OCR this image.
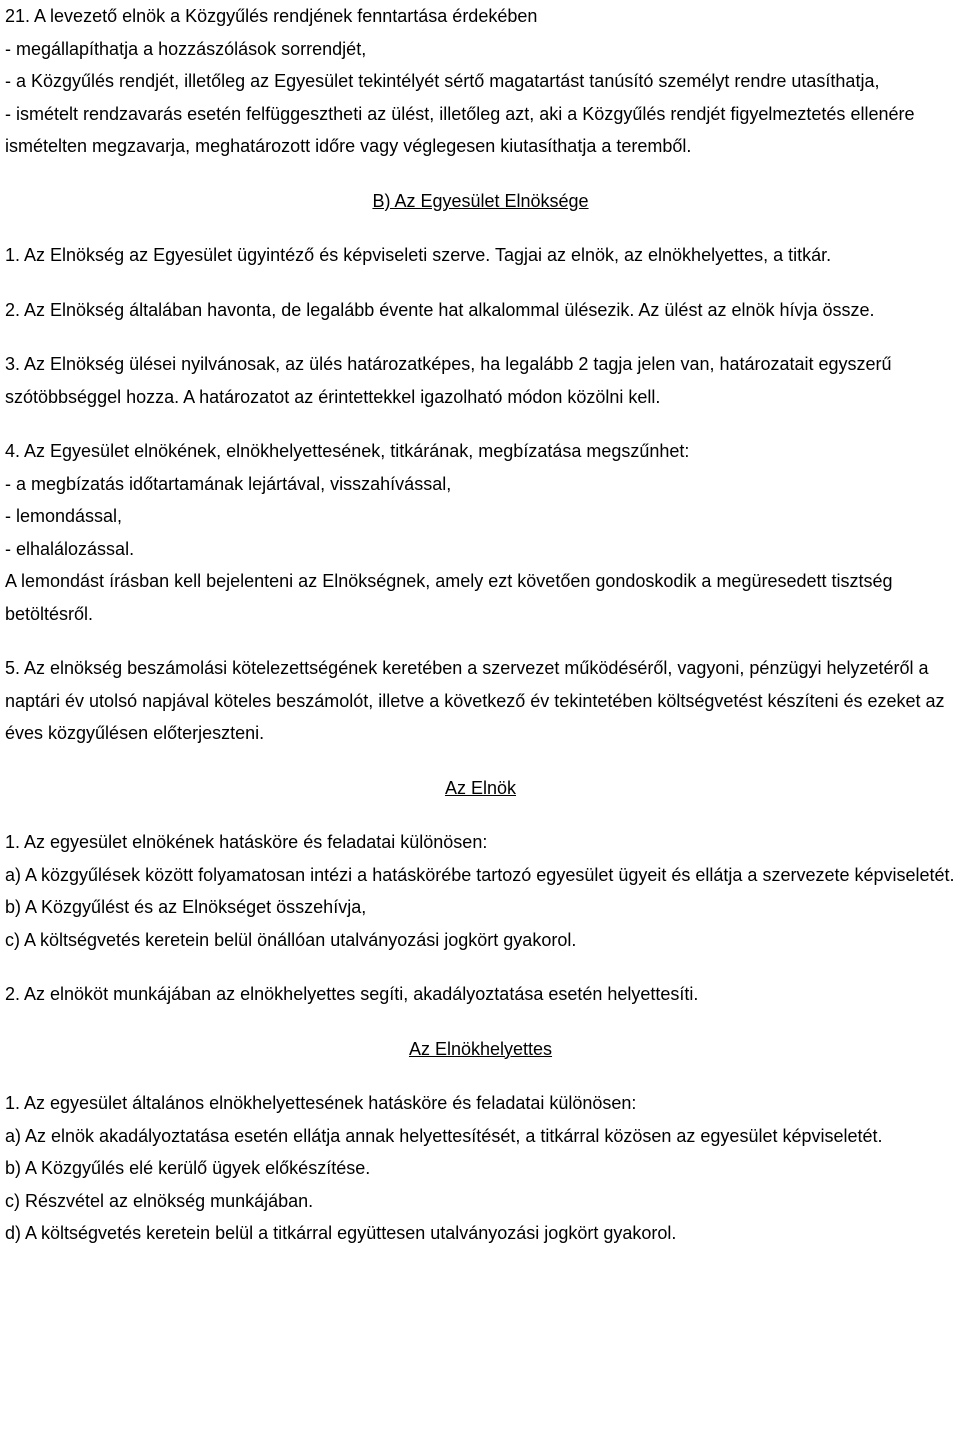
21. A levezető elnök a Közgyűlés rendjének fenntartása érdekében
- megállapíthatja a hozzászólások sorrendjét,
- a Közgyűlés rendjét, illetőleg az Egyesület tekintélyét sértő magatartást tanúsító személyt rendre utasíthatja,
- ismételt rendzavarás esetén felfüggesztheti az ülést, illetőleg azt, aki a Közgyűlés rendjét figyelmeztetés ellenére ismételten megzavarja, meghatározott időre vagy véglegesen kiutasíthatja a teremből.
B) Az Egyesület Elnöksége
1. Az Elnökség az Egyesület ügyintéző és képviseleti szerve. Tagjai az elnök, az elnökhelyettes, a titkár.
2. Az Elnökség általában havonta, de legalább évente hat alkalommal ülésezik. Az ülést az elnök hívja össze.
3. Az Elnökség ülései nyilvánosak, az ülés határozatképes, ha legalább 2 tagja jelen van, határozatait egyszerű szótöbbséggel hozza. A határozatot az érintettekkel igazolható módon közölni kell.
4. Az Egyesület elnökének, elnökhelyettesének, titkárának, megbízatása megszűnhet:
- a megbízatás időtartamának lejártával, visszahívással,
- lemondással,
- elhalálozással.
A lemondást írásban kell bejelenteni az Elnökségnek, amely ezt követően gondoskodik a megüresedett tisztség betöltésről.
5. Az elnökség beszámolási kötelezettségének keretében a szervezet működéséről, vagyoni, pénzügyi helyzetéről a naptári év utolsó napjával köteles beszámolót, illetve a következő év tekintetében költségvetést készíteni és ezeket az éves közgyűlésen előterjeszteni.
Az Elnök
1. Az egyesület elnökének hatásköre és feladatai különösen:
a) A közgyűlések között folyamatosan intézi a hatáskörébe tartozó egyesület ügyeit és ellátja a szervezete képviseletét.
b) A Közgyűlést és az Elnökséget összehívja,
c) A költségvetés keretein belül önállóan utalványozási jogkört gyakorol.
2. Az elnököt munkájában az elnökhelyettes segíti, akadályoztatása esetén helyettesíti.
Az Elnökhelyettes
1. Az egyesület általános elnökhelyettesének hatásköre és feladatai különösen:
a) Az elnök akadályoztatása esetén ellátja annak helyettesítését, a titkárral közösen az egyesület képviseletét.
b) A Közgyűlés elé kerülő ügyek előkészítése.
c) Részvétel az elnökség munkájában.
d) A költségvetés keretein belül a titkárral együttesen utalványozási jogkört gyakorol.
